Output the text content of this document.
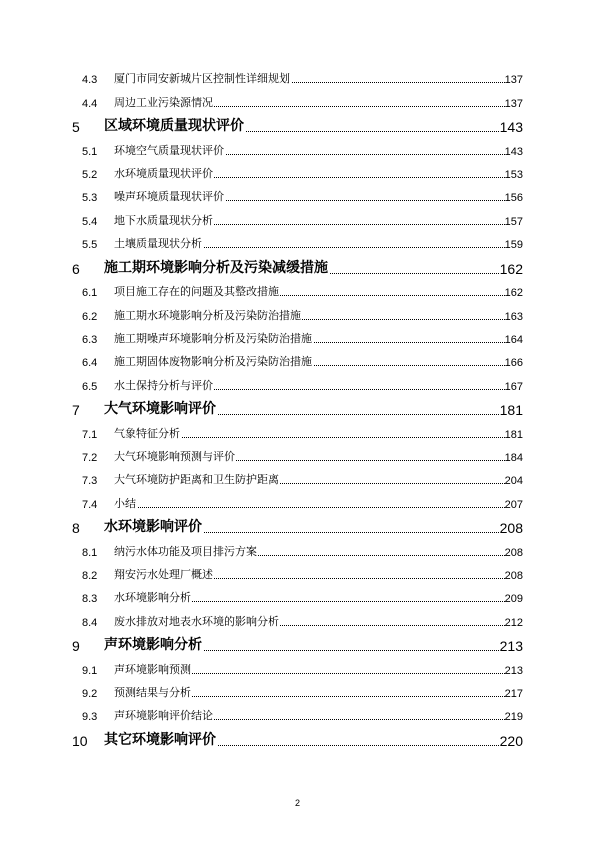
4.3 厦门市同安新城片区控制性详细规划	137
4.4 周边工业污染源情况	137
5 区域环境质量现状评价	143
5.1 环境空气质量现状评价	143
5.2 水环境质量现状评价	153
5.3 噪声环境质量现状评价	156
5.4 地下水质量现状分析	157
5.5 土壤质量现状分析	159
6 施工期环境影响分析及污染减缓措施	162
6.1 项目施工存在的问题及其整改措施	162
6.2 施工期水环境影响分析及污染防治措施	163
6.3 施工期噪声环境影响分析及污染防治措施	164
6.4 施工期固体废物影响分析及污染防治措施	166
6.5 水土保持分析与评价	167
7 大气环境影响评价	181
7.1 气象特征分析	181
7.2 大气环境影响预测与评价	184
7.3 大气环境防护距离和卫生防护距离	204
7.4 小结	207
8 水环境影响评价	208
8.1 纳污水体功能及项目排污方案	208
8.2 翔安污水处理厂概述	208
8.3 水环境影响分析	209
8.4 废水排放对地表水环境的影响分析	212
9 声环境影响分析	213
9.1 声环境影响预测	213
9.2 预测结果与分析	217
9.3 声环境影响评价结论	219
10 其它环境影响评价	220
2
